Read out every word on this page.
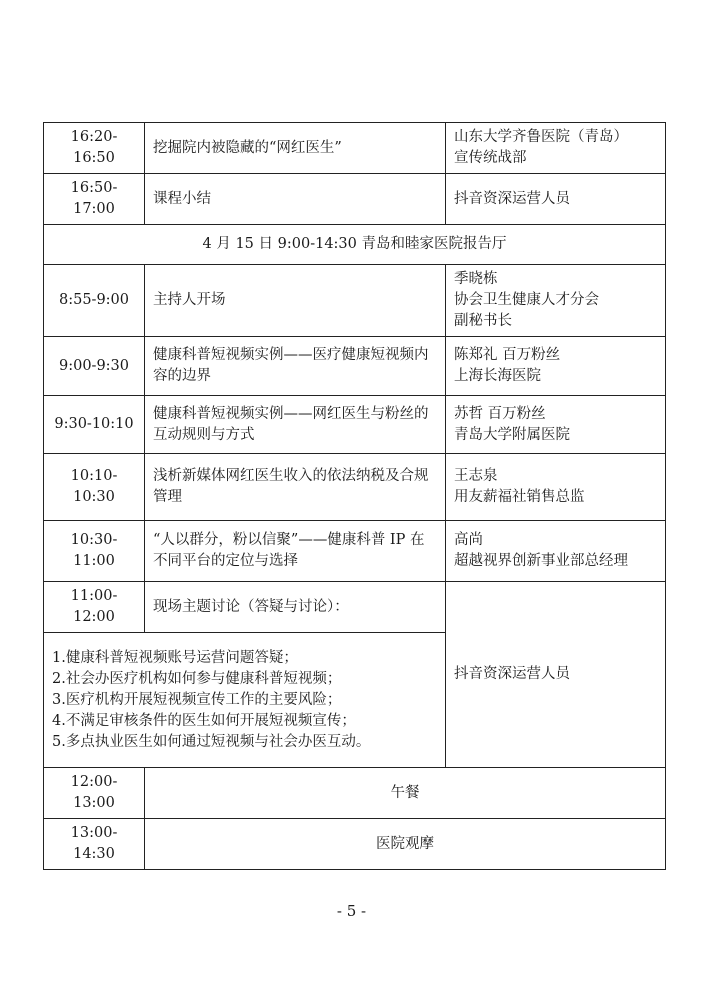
16:20-16:50	挖掘院内被隐藏的“网红医生”	山东大学齐鲁医院（青岛）
宣传统战部

16:50-17:00	课程小结	抖音资深运营人员

4 月 15 日 9:00-14:30 青岛和睦家医院报告厅		
8:55-9:00	主持人开场	季晓栋
协会卫生健康人才分会
副秘书长

9:00-9:30	健康科普短视频实例——医疗健康短视频内容的边界	陈郑礼 百万粉丝
上海长海医院

9:30-10:10	健康科普短视频实例——网红医生与粉丝的互动规则与方式	苏哲 百万粉丝
青岛大学附属医院

10:10-10:30	浅析新媒体网红医生收入的依法纳税及合规管理	王志泉
用友薪福社销售总监

10:30-11:00	“人以群分，粉以信聚”——健康科普 IP 在不同平台的定位与选择	高尚
超越视界创新事业部总经理

11:00-12:00	现场主题讨论（答疑与讨论）：	抖音资深运营人员

1.健康科普短视频账号运营问题答疑；
2.社会办医疗机构如何参与健康科普短视频；
3.医疗机构开展短视频宣传工作的主要风险；
4.不满足审核条件的医生如何开展短视频宣传；
5.多点执业医生如何通过短视频与社会办医互动。		

12:00-13:00	午餐	
13:00-14:30	医院观摩	
- 5 -
